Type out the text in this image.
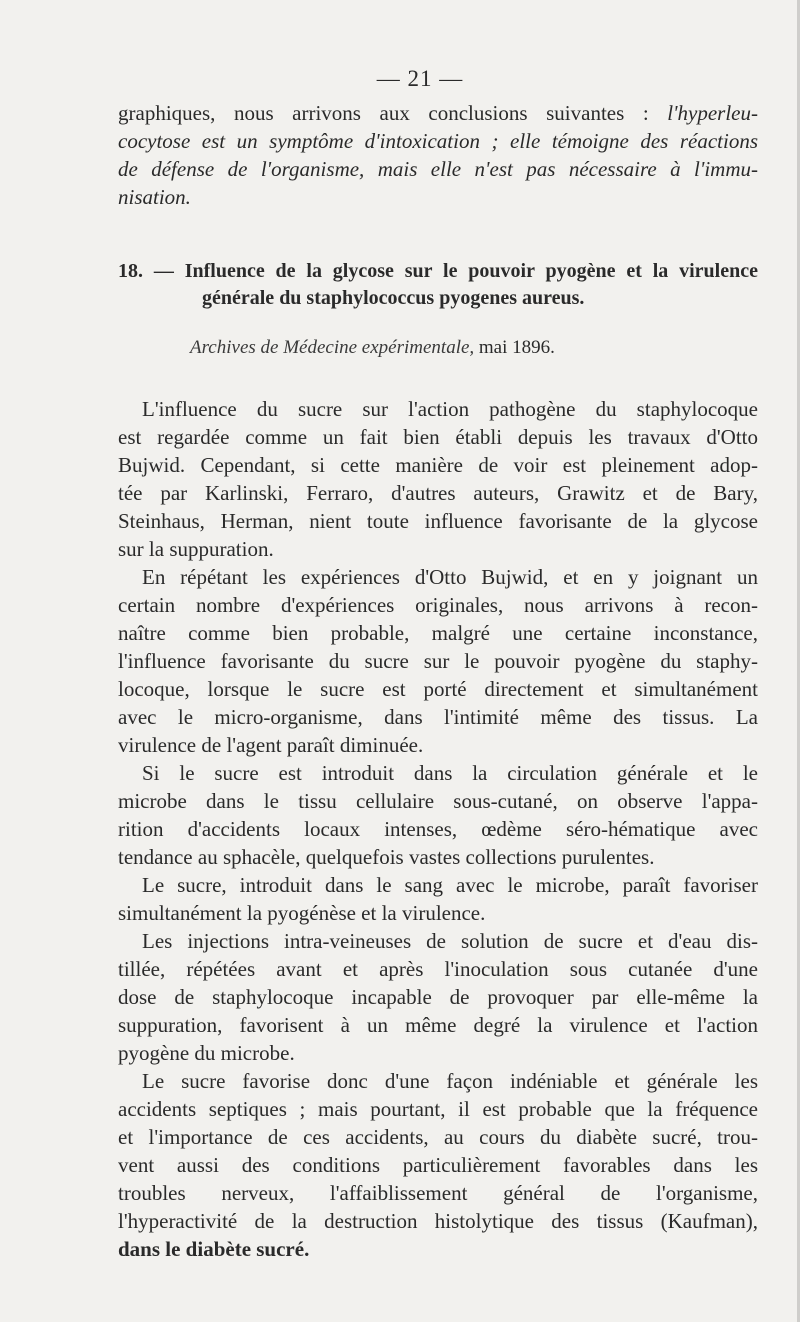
— 21 —
graphiques, nous arrivons aux conclusions suivantes : l'hyperleu-
cocytose est un symptôme d'intoxication ; elle témoigne des réactions
de défense de l'organisme, mais elle n'est pas nécessaire à l'immu-
nisation.
18. — Influence de la glycose sur le pouvoir pyogène et la virulence
générale du staphylococcus pyogenes aureus.
Archives de Médecine expérimentale, mai 1896.
L'influence du sucre sur l'action pathogène du staphylocoque
est regardée comme un fait bien établi depuis les travaux d'Otto
Bujwid. Cependant, si cette manière de voir est pleinement adop-
tée par Karlinski, Ferraro, d'autres auteurs, Grawitz et de Bary,
Steinhaus, Herman, nient toute influence favorisante de la glycose
sur la suppuration.
En répétant les expériences d'Otto Bujwid, et en y joignant un
certain nombre d'expériences originales, nous arrivons à recon-
naître comme bien probable, malgré une certaine inconstance,
l'influence favorisante du sucre sur le pouvoir pyogène du staphy-
locoque, lorsque le sucre est porté directement et simultanément
avec le micro-organisme, dans l'intimité même des tissus. La
virulence de l'agent paraît diminuée.
Si le sucre est introduit dans la circulation générale et le
microbe dans le tissu cellulaire sous-cutané, on observe l'appa-
rition d'accidents locaux intenses, œdème séro-hématique avec
tendance au sphacèle, quelquefois vastes collections purulentes.
Le sucre, introduit dans le sang avec le microbe, paraît favoriser
simultanément la pyogénèse et la virulence.
Les injections intra-veineuses de solution de sucre et d'eau dis-
tillée, répétées avant et après l'inoculation sous cutanée d'une
dose de staphylocoque incapable de provoquer par elle-même la
suppuration, favorisent à un même degré la virulence et l'action
pyogène du microbe.
Le sucre favorise donc d'une façon indéniable et générale les
accidents septiques ; mais pourtant, il est probable que la fréquence
et l'importance de ces accidents, au cours du diabète sucré, trou-
vent aussi des conditions particulièrement favorables dans les
troubles nerveux, l'affaiblissement général de l'organisme,
l'hyperactivité de la destruction histolytique des tissus (Kaufman),
dans le diabète sucré.
